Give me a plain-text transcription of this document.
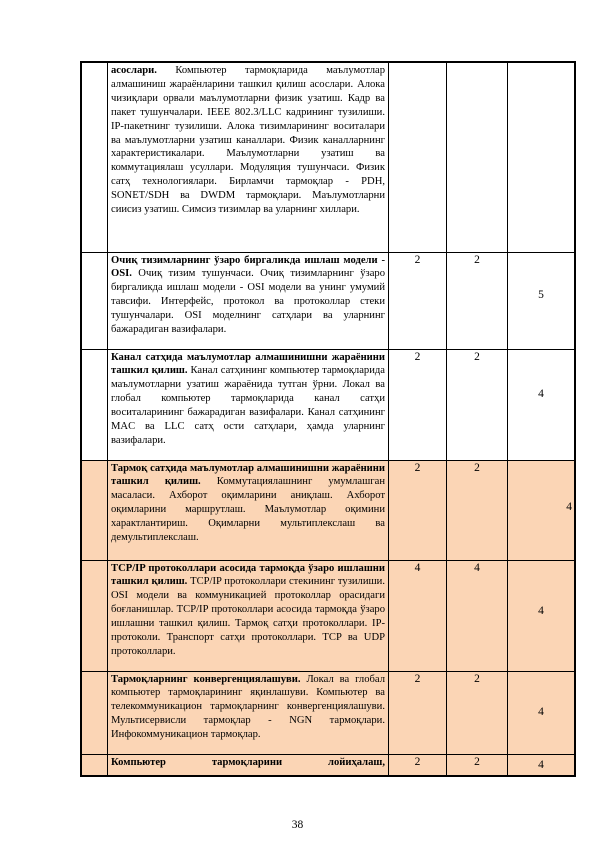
	асослари. Компьютер тармоқларида маълумотлар алмашиниш жараёнларини ташкил қилиш асослари. Алока чизиқлари орвали маълумотларни физик узатиш. Кадр ва пакет тушунчалари. IEEE 802.3/LLC кадрининг тузилиши. IP-пакетнинг тузилиши. Алока тизимларининг воситалари ва маълумотларни узатиш каналлари. Физик каналларнинг характеристикалари. Маълумотларни узатиш ва коммутациялаш усуллари. Модуляция тушунчаси. Физик сатҳ технологиялари. Бирламчи тармоқлар - PDH, SONET/SDH ва DWDM тармоқлари. Маълумотларни сиисиз узатиш. Симсиз тизимлар ва уларнинг хиллари.	

	Очиқ тизимларнинг ўзаро биргаликда ишлаш модели - OSI. Очиқ тизим тушунчаси. Очиқ тизимларнинг ўзаро биргаликда ишлаш модели - OSI модели ва унинг умумий тавсифи. Интерфейс, протокол ва протоколлар стеки тушунчалари. OSI моделнинг сатҳлари ва уларнинг бажарадиган вазифалари.	2	2	5

	Канал сатҳида маълумотлар алмашинишни жараёнини ташкил қилиш. Канал сатҳининг компьютер тармоқларида маълумотларни узатиш жараёнида тутган ўрни. Локал ва глобал компьютер тармоқларида канал сатҳи воситаларининг бажарадиган вазифалари. Канал сатҳининг MAC ва LLC сатҳ ости сатҳлари, ҳамда уларнинг вазифалари.	2	2	4

	Тармоқ сатҳида маълумотлар алмашинишни жараёнини ташкил қилиш. Коммутациялашнинг умумлашган масаласи. Ахборот оқимларини аниқлаш. Ахборот оқимларини маршрутлаш. Маълумотлар оқимини характлантириш. Оқимларни мультиплекслаш ва демультиплекслаш.	2	2	4

	TCP/IP протоколлари асосида тармоқда ўзаро ишлашни ташкил қилиш. TCP/IP протоколлари стекининг тузилиши. OSI модели ва коммуникацией протоколлар орасидаги боғланишлар. TCP/IP протоколлари асосида тармоқда ўзаро ишлашни ташкил қилиш. Тармоқ сатҳи протоколлари. IP-протоколи. Транспорт сатҳи протоколлари. TCP ва UDP протоколлари.	4	4	4

	Тармоқларнинг конвергенциялашуви. Локал ва глобал компьютер тармоқларининг яқинлашуви. Компьютер ва телекоммуникацион тармоқларнинг конвергенциялашуви. Мультисервисли тармоқлар - NGN тармоқлари. Инфокоммуникацион тармоқлар.	2	2	4

	Компьютер тармоқларини лойиҳалаш,	2	2	4
38
